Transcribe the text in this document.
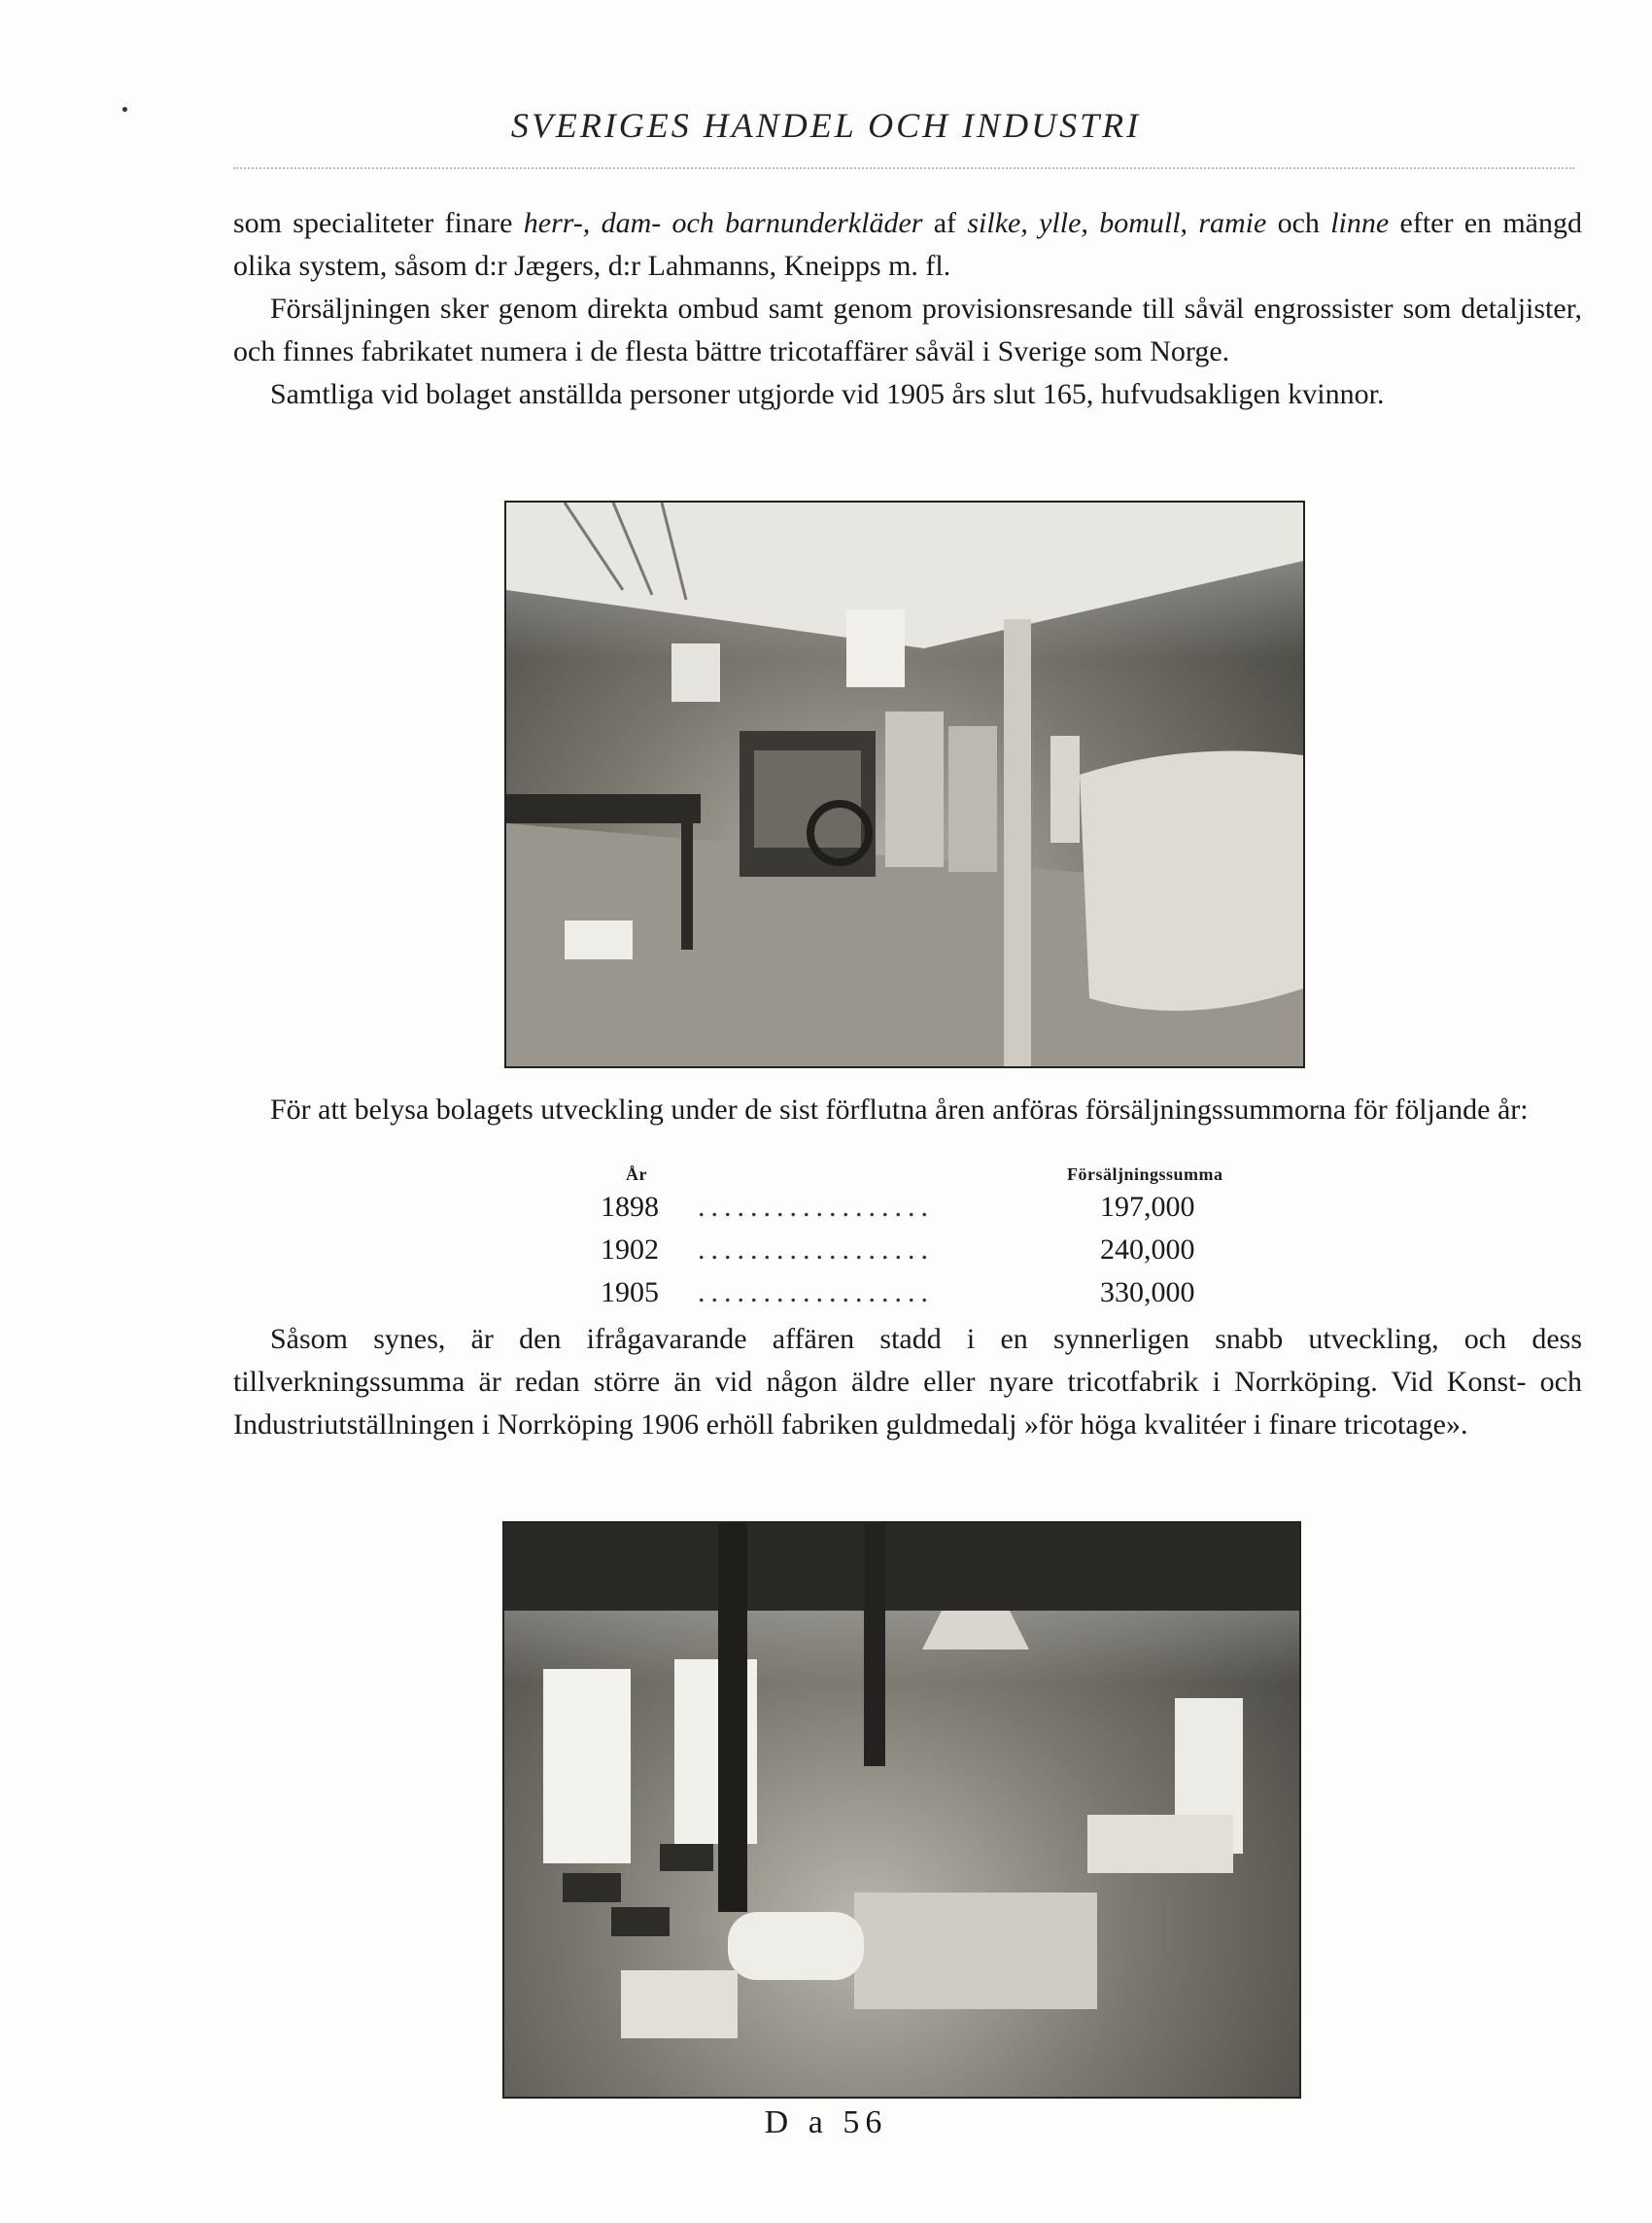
SVERIGES HANDEL OCH INDUSTRI

som specialiteter finare herr-, dam- och barnunderkläder af silke, ylle, bomull, ramie och linne efter en mängd olika system, såsom d:r Jægers, d:r Lahmanns, Kneipps m. fl.

Försäljningen sker genom direkta ombud samt genom provisionsresande till såväl engrossister som detaljister, och finnes fabrikatet numera i de flesta bättre tricotaffärer såväl i Sverige som Norge.

Samtliga vid bolaget anställda personer utgjorde vid 1905 års slut 165, hufvudsakligen kvinnor.

För att belysa bolagets utveckling under de sist förflutna åren anföras försäljningssummorna för följande år:

År	Försäljningssumma
1898 ..................	197,000
1902 ..................	240,000
1905 ..................	330,000

Såsom synes, är den ifrågavarande affären stadd i en synnerligen snabb utveckling, och dess tillverkningssumma är redan större än vid någon äldre eller nyare tricotfabrik i Norrköping. Vid Konst- och Industriutställningen i Norrköping 1906 erhöll fabriken guldmedalj »för höga kvalitéer i finare tricotage».

D a 56
